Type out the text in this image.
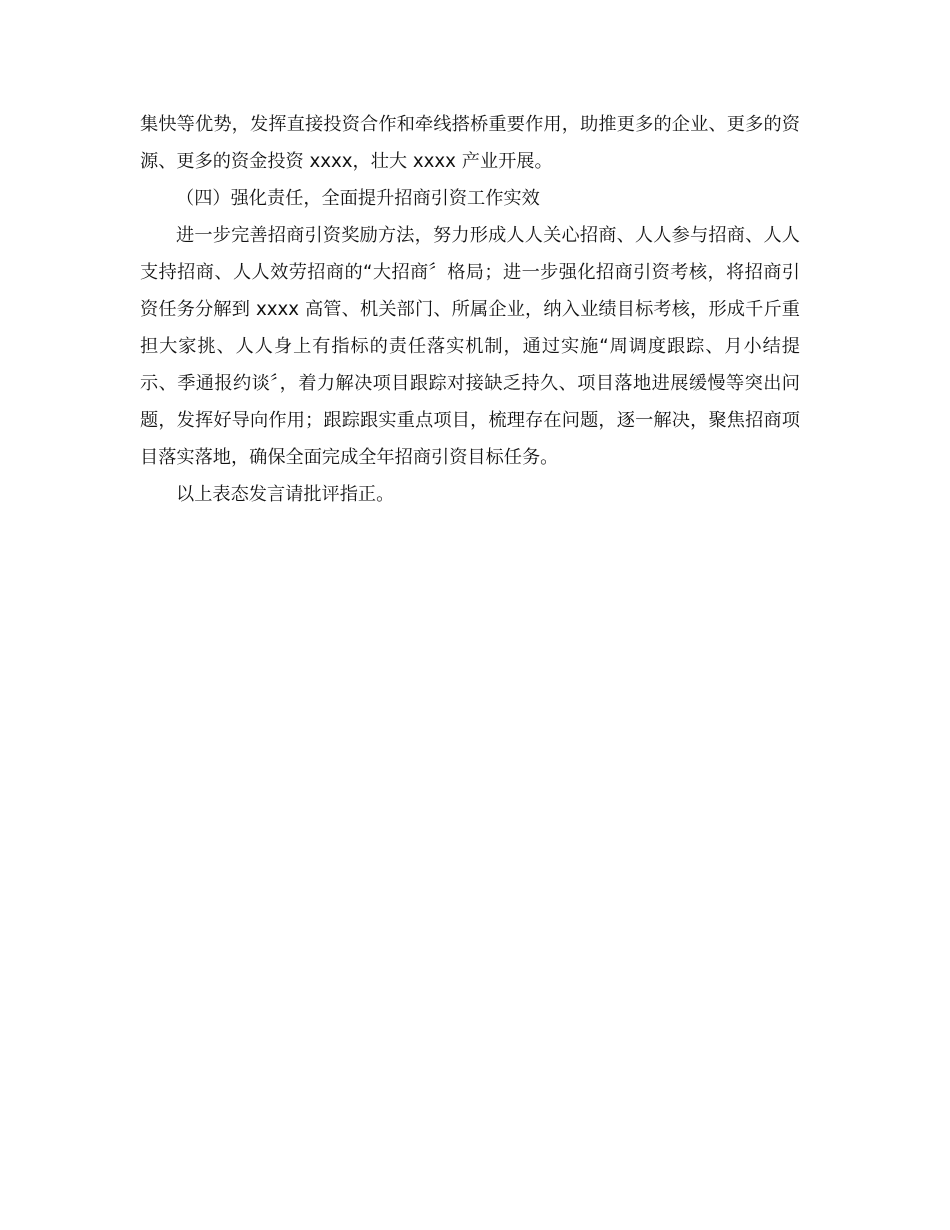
集快等优势，发挥直接投资合作和牵线搭桥重要作用，助推更多的企业、更多的资源、更多的资金投资 xxxx，壮大 xxxx 产业开展。

（四）强化责任，全面提升招商引资工作实效

进一步完善招商引资奖励方法，努力形成人人关心招商、人人参与招商、人人支持招商、人人效劳招商的“大招商〞格局；进一步强化招商引资考核，将招商引资任务分解到 xxxx 高管、机关部门、所属企业，纳入业绩目标考核，形成千斤重担大家挑、人人身上有指标的责任落实机制，通过实施“周调度跟踪、月小结提示、季通报约谈〞，着力解决项目跟踪对接缺乏持久、项目落地进展缓慢等突出问题，发挥好导向作用；跟踪跟实重点项目，梳理存在问题，逐一解决，聚焦招商项目落实落地，确保全面完成全年招商引资目标任务。

以上表态发言请批评指正。
